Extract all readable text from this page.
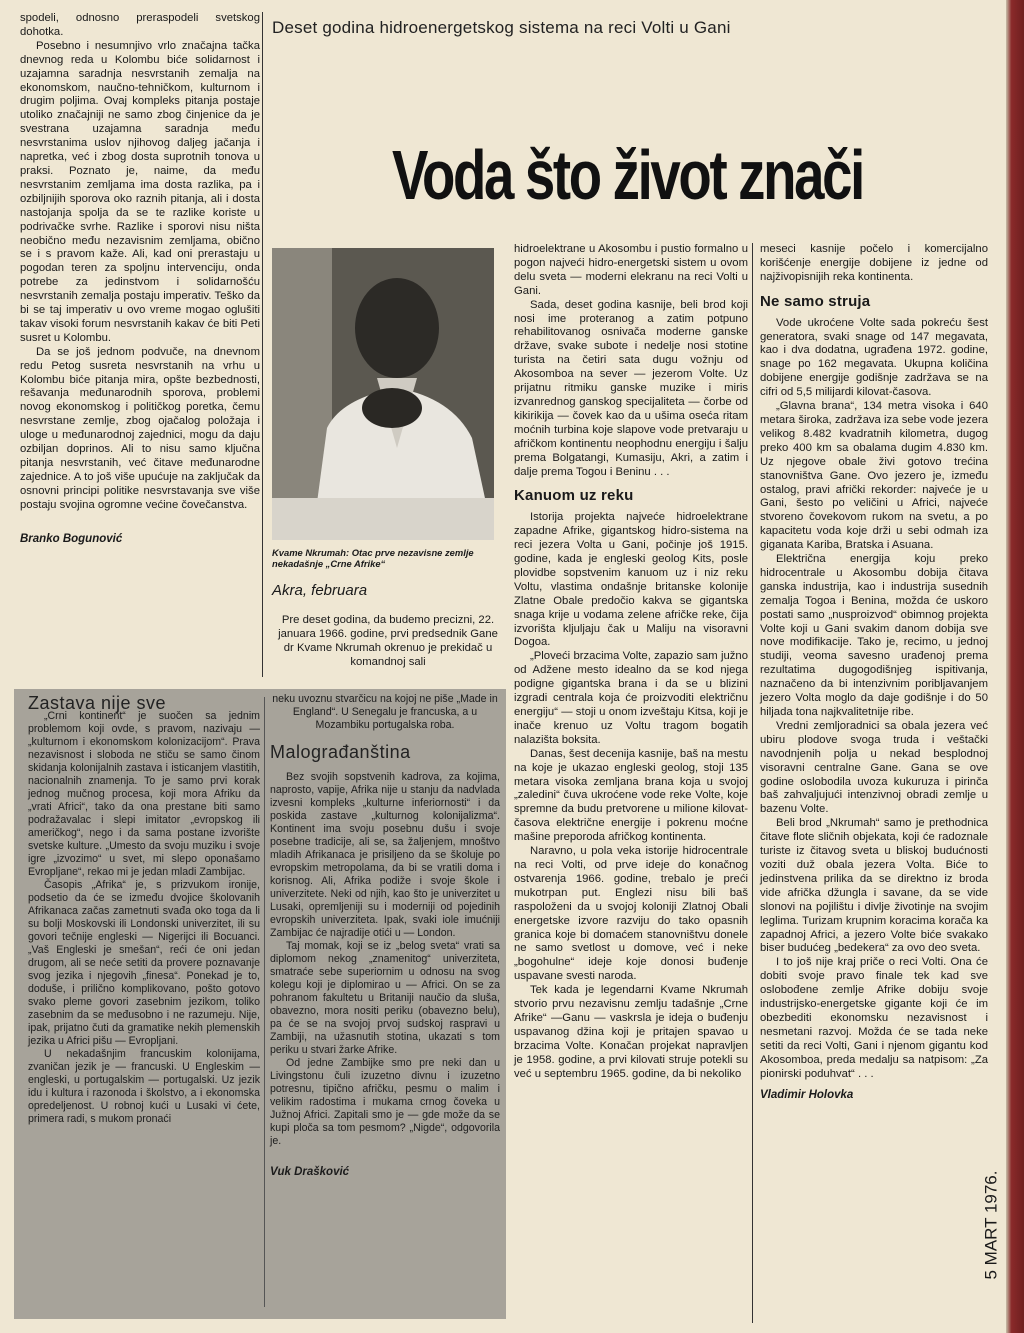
spodeli, odnosno preraspodeli svetskog dohotka.

Posebno i nesumnjivo vrlo značajna tačka dnevnog reda u Kolombu biće solidarnost i uzajamna saradnja nesvrstanih zemalja na ekonomskom, naučno-tehničkom, kulturnom i drugim poljima. Ovaj kompleks pitanja postaje utoliko značajniji ne samo zbog činjenice da je svestrana uzajamna saradnja među nesvrstanima uslov njihovog daljeg jačanja i napretka, već i zbog dosta suprotnih tonova u praksi. Poznato je, naime, da među nesvrstanim zemljama ima dosta razlika, pa i ozbiljnijih sporova oko raznih pitanja, ali i dosta nastojanja spolja da se te razlike koriste u podrivačke svrhe. Razlike i sporovi nisu ništa neobično među nezavisnim zemljama, obično se i s pravom kaže. Ali, kad oni prerastaju u pogodan teren za spoljnu intervenciju, onda potrebe za jedinstvom i solidarnošću nesvrstanih zemalja postaju imperativ. Teško da bi se taj imperativ u ovo vreme mogao oglušiti takav visoki forum nesvrstanih kakav će biti Peti susret u Kolombu.

Da se još jednom podvuče, na dnevnom redu Petog susreta nesvrstanih na vrhu u Kolombu biće pitanja mira, opšte bezbednosti, rešavanja međunarodnih sporova, problemi novog ekonomskog i političkog poretka, čemu nesvrstane zemlje, zbog ojačalog položaja i uloge u međunarodnoj zajednici, mogu da daju ozbiljan doprinos. Ali to nisu samo ključna pitanja nesvrstanih, već čitave međunarodne zajednice. A to još više upućuje na zaključak da osnovni principi politike nesvrstavanja sve više postaju svojina ogromne većine čovečanstva.

Branko Bogunović
Deset godina hidroenergetskog sistema na reci Volti u Gani
Voda što život znači
Kvame Nkrumah: Otac prve nezavisne zemlje nekadašnje „Crne Afrike“
Akra, februara

Pre deset godina, da budemo precizni, 22. januara 1966. godine, prvi predsednik Gane dr Kvame Nkrumah okrenuo je prekidač u komandnoj sali

hidroelektrane u Akosombu i pustio formalno u pogon najveći hidro-energetski sistem u ovom delu sveta — moderni elekranu na reci Volti u Gani.

Sada, deset godina kasnije, beli brod koji nosi ime proteranog a zatim potpuno rehabilitovanog osnivača moderne ganske države, svake subote i nedelje nosi stotine turista na četiri sata dugu vožnju od Akosomboa na sever — jezerom Volte. Uz prijatnu ritmiku ganske muzike i miris izvanrednog ganskog specijaliteta — čorbe od kikirikija — čovek kao da u ušima oseća ritam moćnih turbina koje slapove vode pretvaraju u afričkom kontinentu neophodnu energiju i šalju prema Bolgatangi, Kumasiju, Akri, a zatim i dalje prema Togou i Beninu . . .

Kanuom uz reku

Istorija projekta najveće hidroelektrane zapadne Afrike, gigantskog hidro-sistema na reci jezera Volta u Gani, počinje još 1915. godine, kada je engleski geolog Kits, posle plovidbe sopstvenim kanuom uz i niz reku Voltu, vlastima ondašnje britanske kolonije Zlatne Obale predočio kakva se gigantska snaga krije u vodama zelene afričke reke, čija izvorišta kljuljaju čak u Maliju na visoravni Dogoa.

„Ploveći brzacima Volte, zapazio sam južno od Adžene mesto idealno da se kod njega podigne gigantska brana i da se u blizini izgradi centrala koja će proizvoditi električnu energiju“ — stoji u onom izveštaju Kitsa, koji je inače krenuo uz Voltu tragom bogatih nalazišta boksita.

Danas, šest decenija kasnije, baš na mestu na koje je ukazao engleski geolog, stoji 135 metara visoka zemljana brana koja u svojoj „zaledini“ čuva ukroćene vode reke Volte, koje spremne da budu pretvorene u milione kilovat-časova električne energije i pokrenu moćne mašine preporoda afričkog kontinenta.

Naravno, u pola veka istorije hidrocentrale na reci Volti, od prve ideje do konačnog ostvarenja 1966. godine, trebalo je preći mukotrpan put. Englezi nisu bili baš raspoloženi da u svojoj koloniji Zlatnoj Obali energetske izvore razviju do tako opasnih granica koje bi domaćem stanovništvu donele ne samo svetlost u domove, već i neke „bogohulne“ ideje koje donosi buđenje uspavane svesti naroda.

Tek kada je legendarni Kvame Nkrumah stvorio prvu nezavisnu zemlju tadašnje „Crne Afrike“ —Ganu — vaskrsla je ideja o buđenju uspavanog džina koji je pritajen spavao u brzacima Volte. Konačan projekat napravljen je 1958. godine, a prvi kilovati struje potekli su već u septembru 1965. godine, da bi nekoliko

meseci kasnije počelo i komercijalno korišćenje energije dobijene iz jedne od najživopisnijih reka kontinenta.

Ne samo struja

Vode ukroćene Volte sada pokreću šest generatora, svaki snage od 147 megavata, kao i dva dodatna, ugrađena 1972. godine, snage po 162 megavata. Ukupna količina dobijene energije godišnje zadržava se na cifri od 5,5 milijardi kilovat-časova.

„Glavna brana“, 134 metra visoka i 640 metara široka, zadržava iza sebe vode jezera velikog 8.482 kvadratnih kilometra, dugog preko 400 km sa obalama dugim 4.830 km. Uz njegove obale živi gotovo trećina stanovništva Gane. Ovo jezero je, između ostalog, pravi afrički rekorder: najveće je u Gani, šesto po veličini u Africi, najveće stvoreno čovekovom rukom na svetu, a po kapacitetu voda koje drži u sebi odmah iza giganata Kariba, Bratska i Asuana.

Električna energija koju preko hidrocentrale u Akosombu dobija čitava ganska industrija, kao i industrija susednih zemalja Togoa i Benina, možda će uskoro postati samo „nusproizvod“ obimnog projekta Volte koji u Gani svakim danom dobija sve nove modifikacije. Tako je, recimo, u jednoj studiji, veoma savesno urađenoj prema rezultatima dugogodišnjeg ispitivanja, naznačeno da bi intenzivnim poribljavanjem jezero Volta moglo da daje godišnje i do 50 hiljada tona najkvalitetnije ribe.

Vredni zemljoradnici sa obala jezera već ubiru plodove svoga truda i veštački navodnjenih polja u nekad besplodnoj visoravni centralne Gane. Gana se ove godine oslobodila uvoza kukuruza i pirinča baš zahvaljujući intenzivnoj obradi zemlje u bazenu Volte.

Beli brod „Nkrumah“ samo je prethodnica čitave flote sličnih objekata, koji će radoznale turiste iz čitavog sveta u bliskoj budućnosti voziti duž obala jezera Volta. Biće to jedinstvena prilika da se direktno iz broda vide afrička džungla i savane, da se vide slonovi na pojilištu i divlje životinje na svojim leglima. Turizam krupnim koracima korača ka zapadnoj Africi, a jezero Volte biće svakako biser budućeg „bedekera“ za ovo deo sveta.

I to još nije kraj priče o reci Volti. Ona će dobiti svoje pravo finale tek kad sve oslobođene zemlje Afrike dobiju svoje industrijsko-energetske gigante koji će im obezbediti ekonomsku nezavisnost i nesmetani razvoj. Možda će se tada neke setiti da reci Volti, Gani i njenom gigantu kod Akosomboa, preda medalju sa natpisom: „Za pionirski poduhvat“ . . .

Vladimir Holovka

Zastava nije sve

„Crni kontinent“ je suočen sa jednim problemom koji ovde, s pravom, nazivaju — „kulturnom i ekonomskom kolonizacijom“. Prava nezavisnost i sloboda ne stiču se samo činom skidanja kolonijalnih zastava i isticanjem vlastitih, nacionalnih znamenja. To je samo prvi korak jednog mučnog procesa, koji mora Afriku da „vrati Africi“, tako da ona prestane biti samo podražavalac i slepi imitator „evropskog ili američkog“, nego i da sama postane izvorište svetske kulture. „Umesto da svoju muziku i svoje igre „izvozimo“ u svet, mi slepo oponašamo Evropljane“, rekao mi je jedan mladi Zambijac.

Časopis „Afrika“ je, s prizvukom ironije, podsetio da će se između dvojice školovanih Afrikanaca začas zametnuti svađa oko toga da li su bolji Moskovski ili Londonski univerzitet, ili su govori tečnije engleski — Nigerijci ili Bocuanci. „Vaš Engleski je smešan“, reći će oni jedan drugom, ali se neće setiti da provere poznavanje svog jezika i njegovih „finesa“. Ponekad je to, doduše, i prilično komplikovano, pošto gotovo svako pleme govori zasebnim jezikom, toliko zasebnim da se međusobno i ne razumeju. Nije, ipak, prijatno čuti da gramatike nekih plemenskih jezika u Africi pišu — Evropljani.

U nekadašnjim francuskim kolonijama, zvaničan jezik je — francuski. U Engleskim — engleski, u portugalskim — portugalski. Uz jezik idu i kultura i razonoda i školstvo, a i ekonomska opredeljenost. U robnoj kući u Lusaki vi ćete, primera radi, s mukom pronaći

neku uvoznu stvarčicu na kojoj ne piše „Made in England“. U Senegalu je francuska, a u Mozambiku portugalska roba.

Malograđanština

Bez svojih sopstvenih kadrova, za kojima, naprosto, vapije, Afrika nije u stanju da nadvlada izvesni kompleks „kulturne inferiornosti“ i da poskida zastave „kulturnog kolonijalizma“. Kontinent ima svoju posebnu dušu i svoje posebne tradicije, ali se, sa žaljenjem, mnoštvo mladih Afrikanaca je prisiljeno da se školuje po evropskim metropolama, da bi se vratili doma i korisnog. Ali, Afrika podiže i svoje škole i univerzitete. Neki od njih, kao što je univerzitet u Lusaki, opremljeniji su i moderniji od pojedinih evropskih univerziteta. Ipak, svaki iole imućniji Zambijac će najradije otići u — London.

Taj momak, koji se iz „belog sveta“ vrati sa diplomom nekog „znamenitog“ univerziteta, smatraće sebe superiornim u odnosu na svog kolegu koji je diplomirao u — Africi. On se za pohranom fakultetu u Britaniji naučio da sluša, obavezno, mora nositi periku (obavezno belu), pa će se na svojoj prvoj sudskoj raspravi u Zambiji, na užasnutih stotina, ukazati s tom periku u stvari žarke Afrike.

Od jedne Zambijke smo pre neki dan u Livingstonu čuli izuzetno divnu i izuzetno potresnu, tipično afričku, pesmu o malim i velikim radostima i mukama crnog čoveka u Južnoj Africi. Zapitali smo je — gde može da se kupi ploča sa tom pesmom? „Nigde“, odgovorila je.

Vuk Drašković	5 MART 1976.
